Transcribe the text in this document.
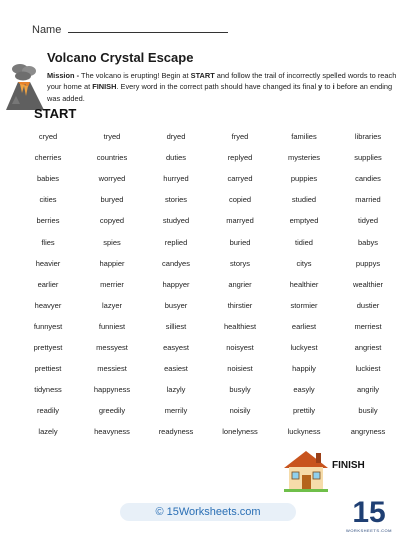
Name
Volcano Crystal Escape
Mission - The volcano is erupting! Begin at START and follow the trail of incorrectly spelled words to reach your home at FINISH. Every word in the correct path should have changed its final y to i before an ending was added.
START
cryed	tryed	dryed	fryed	families	libraries
cherries	countries	duties	replyed	mysteries	supplies
babies	worryed	hurryed	carryed	puppies	candies
cities	buryed	stories	copied	studied	married
berries	copyed	studyed	marryed	emptyed	tidyed
flies	spies	replied	buried	tidied	babys
heavier	happier	candyes	storys	citys	puppys
earlier	merrier	happyer	angrier	healthier	wealthier
heavyer	lazyer	busyer	thirstier	stormier	dustier
funnyest	funniest	silliest	healthiest	earliest	merriest
prettyest	messyest	easyest	noisyest	luckyest	angriest
prettiest	messiest	easiest	noisiest	happily	luckiest
tidyness	happyness	lazyly	busyly	easyly	angrily
readily	greedily	merrily	noisily	prettily	busily
lazely	heavyness	readyness	lonelyness	luckyness	angryness
FINISH
© 15Worksheets.com	15
WORKSHEETS.COM
